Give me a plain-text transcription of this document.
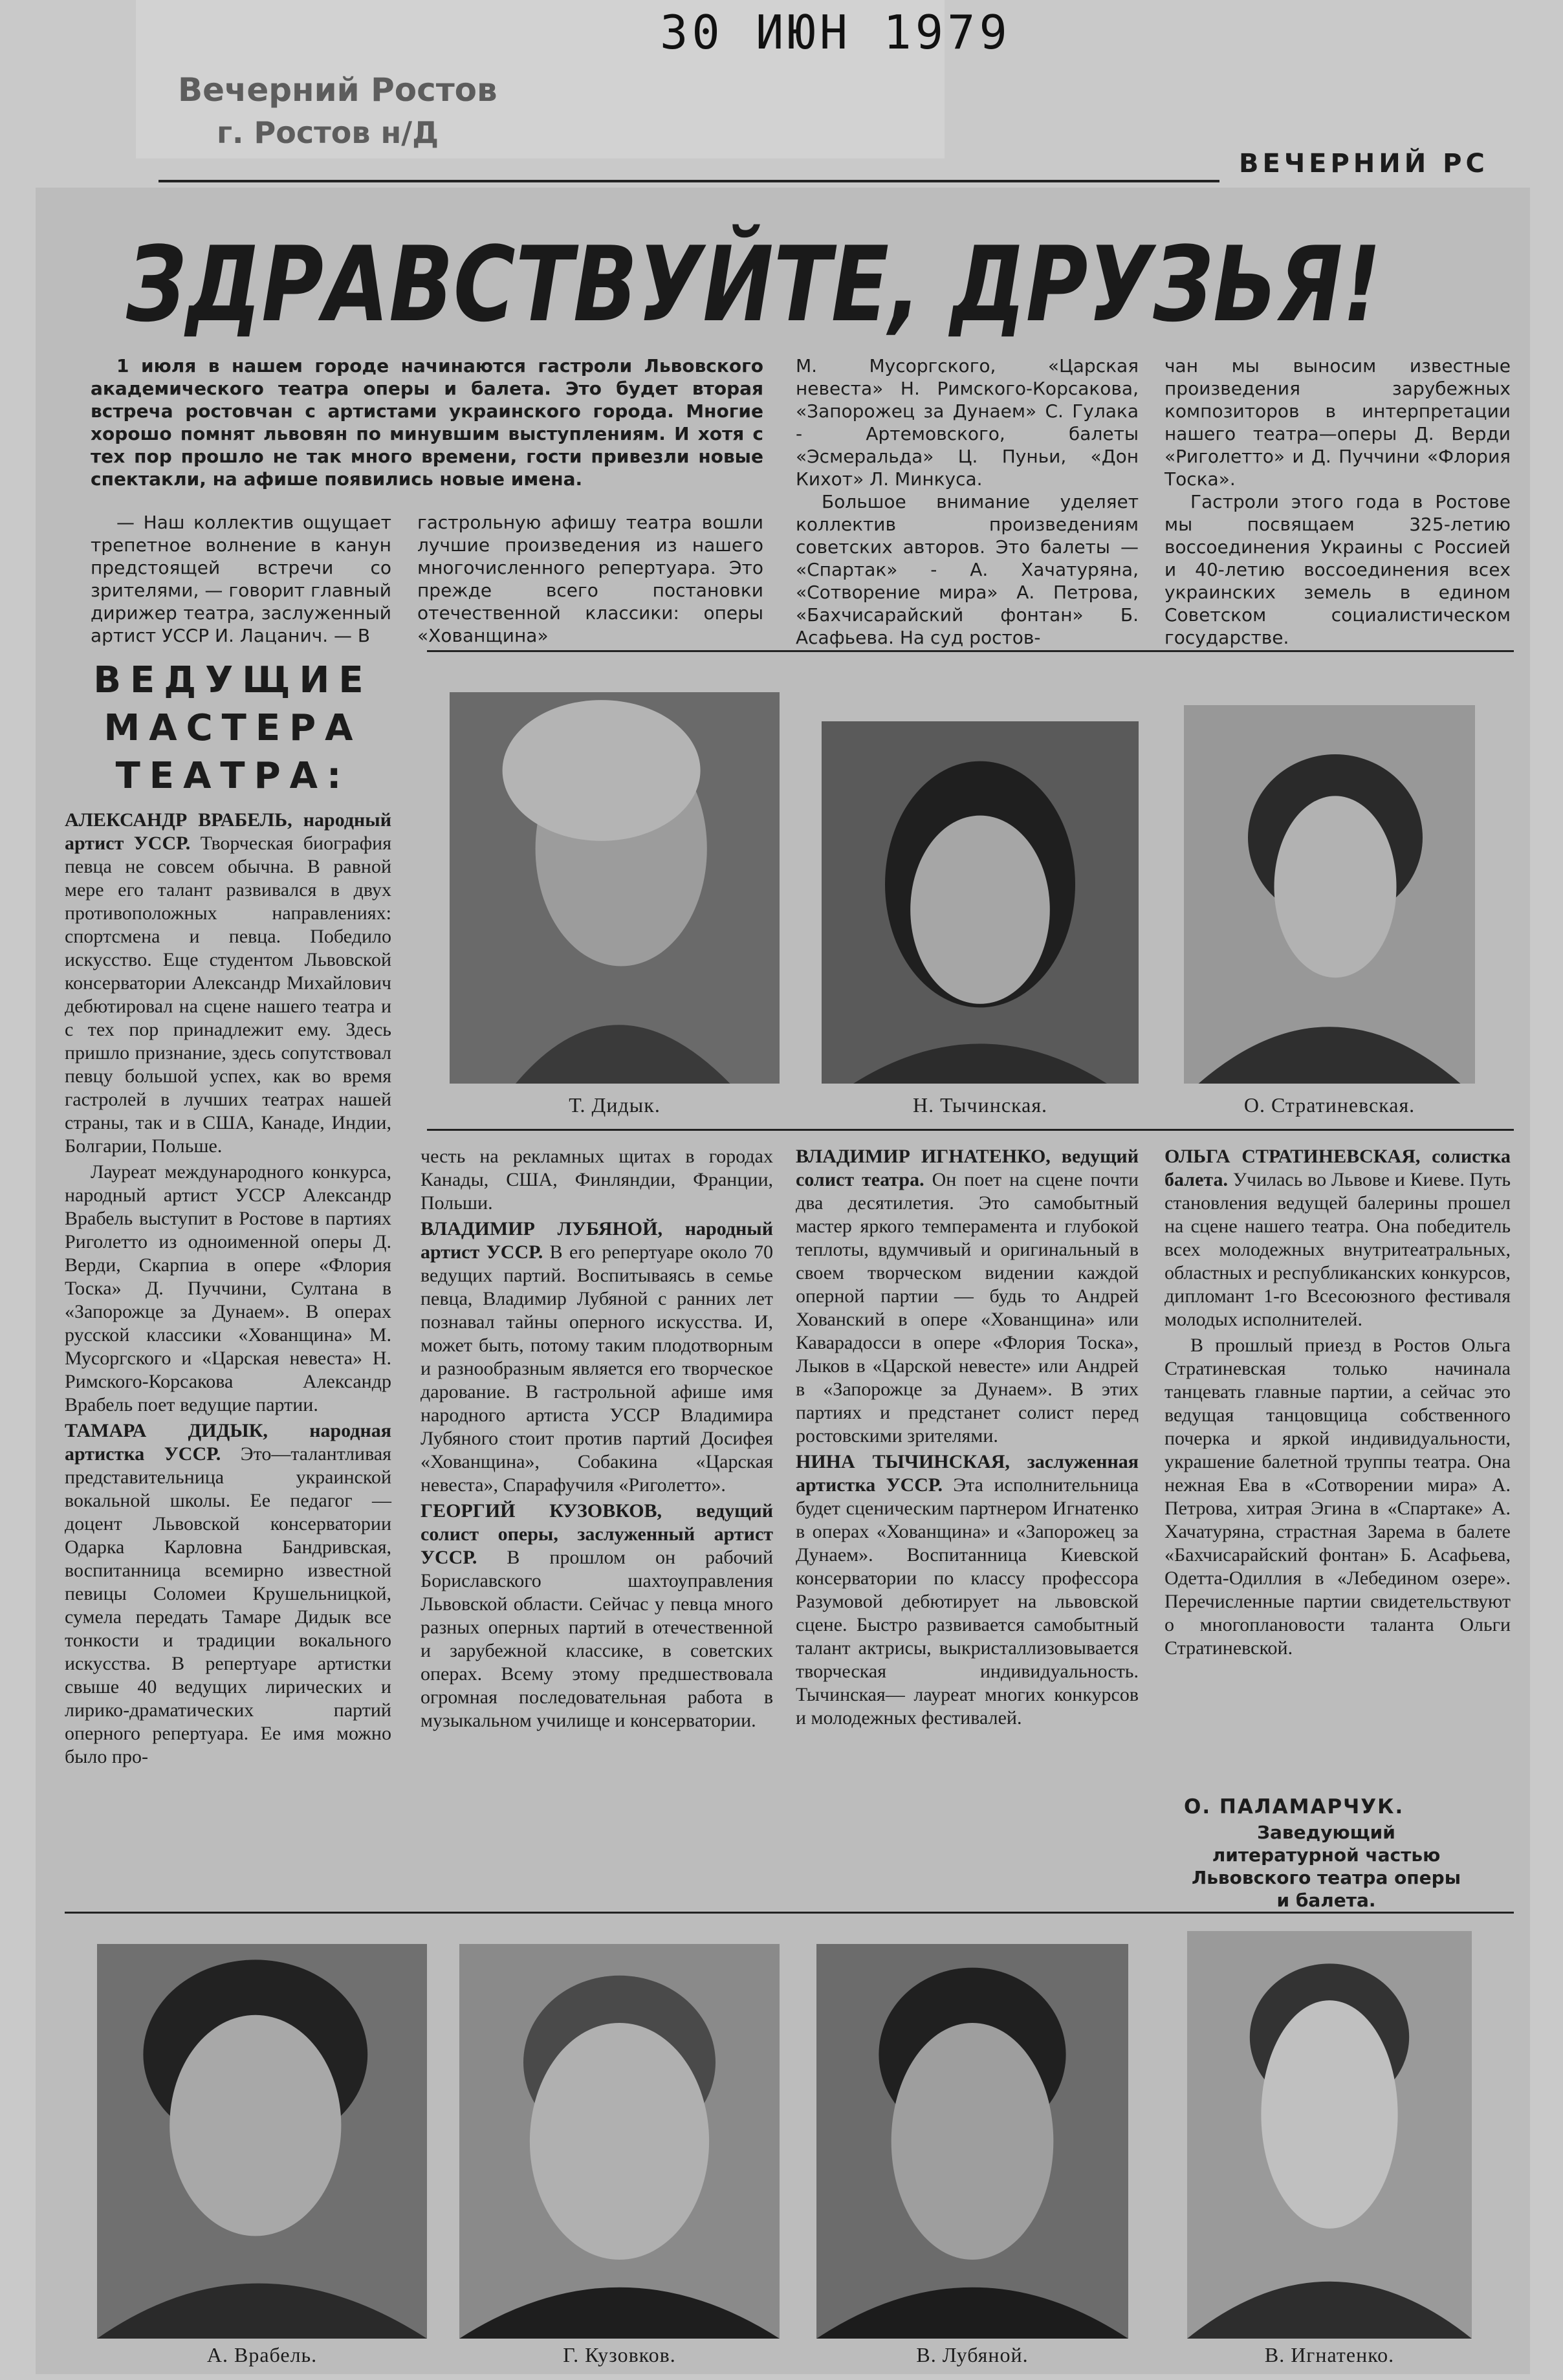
30 ИЮН 1979
Вечерний Ростов
г. Ростов н/Д
ВЕЧЕРНИЙ РС
ЗДРАВСТВУЙТЕ, ДРУЗЬЯ!
1 июля в нашем городе начинаются гастроли Львовского академического театра оперы и балета. Это будет вторая встреча ростовчан с артистами украинского города. Многие хорошо помнят львовян по минувшим выступлениям. И хотя с тех пор прошло не так много времени, гости привезли новые спектакли, на афише появились новые имена.

— Наш коллектив ощущает трепетное волнение в канун предстоящей встречи со зрителями, — говорит главный дирижер театра, заслуженный артист УССР И. Лацанич. — В

гастрольную афишу театра вошли лучшие произведения из нашего многочисленного репертуара. Это прежде всего постановки отечественной классики: оперы «Хованщина»

М. Мусоргского, «Царская невеста» Н. Римского-Корсакова, «Запорожец за Дунаем» С. Гулака - Артемовского, балеты «Эсмеральда» Ц. Пуньи, «Дон Кихот» Л. Минкуса.

Большое внимание уделяет коллектив произведениям советских авторов. Это балеты — «Спартак» - А. Хачатуряна, «Сотворение мира» А. Петрова, «Бахчисарайский фонтан» Б. Асафьева. На суд ростов-

чан мы выносим известные произведения зарубежных композиторов в интерпретации нашего театра—оперы Д. Верди «Риголетто» и Д. Пуччини «Флория Тоска».

Гастроли этого года в Ростове мы посвящаем 325-летию воссоединения Украины с Россией и 40-летию воссоединения всех украинских земель в едином Советском социалистическом государстве.

ВЕДУЩИЕ
МАСТЕРА
ТЕАТРА:
Т. Дидык.	Н. Тычинская.	О. Стратиневская.

АЛЕКСАНДР ВРАБЕЛЬ, народный артист УССР. Творческая биография певца не совсем обычна. В равной мере его талант развивался в двух противоположных направлениях: спортсмена и певца. Победило искусство. Еще студентом Львовской консерватории Александр Михайлович дебютировал на сцене нашего театра и с тех пор принадлежит ему. Здесь пришло признание, здесь сопутствовал певцу большой успех, как во время гастролей в лучших театрах нашей страны, так и в США, Канаде, Индии, Болгарии, Польше.

Лауреат международного конкурса, народный артист УССР Александр Врабель выступит в Ростове в партиях Риголетто из одноименной оперы Д. Верди, Скарпиа в опере «Флория Тоска» Д. Пуччини, Султана в «Запорожце за Дунаем». В операх русской классики «Хованщина» М. Мусоргского и «Царская невеста» Н. Римского-Корсакова Александр Врабель поет ведущие партии.

ТАМАРА ДИДЫК, народная артистка УССР. Это—талантливая представительница украинской вокальной школы. Ее педагог — доцент Львовской консерватории Одарка Карловна Бандривская, воспитанница всемирно известной певицы Соломеи Крушельницкой, сумела передать Тамаре Дидык все тонкости и традиции вокального искусства. В репертуаре артистки свыше 40 ведущих лирических и лирико-драматических партий оперного репертуара. Ее имя можно было про-

честь на рекламных щитах в городах Канады, США, Финляндии, Франции, Польши.

ВЛАДИМИР ЛУБЯНОЙ, народный артист УССР. В его репертуаре около 70 ведущих партий. Воспитываясь в семье певца, Владимир Лубяной с ранних лет познавал тайны оперного искусства. И, может быть, потому таким плодотворным и разнообразным является его творческое дарование. В гастрольной афише имя народного артиста УССР Владимира Лубяного стоит против партий Досифея «Хованщина», Собакина «Царская невеста», Спарафучиля «Риголетто».

ГЕОРГИЙ КУЗОВКОВ, ведущий солист оперы, заслуженный артист УССР. В прошлом он рабочий Бориславского шахтоуправления Львовской области. Сейчас у певца много разных оперных партий в отечественной и зарубежной классике, в советских операх. Всему этому предшествовала огромная последовательная работа в музыкальном училище и консерватории.

ВЛАДИМИР ИГНАТЕНКО, ведущий солист театра. Он поет на сцене почти два десятилетия. Это самобытный мастер яркого темперамента и глубокой теплоты, вдумчивый и оригинальный в своем творческом видении каждой оперной партии — будь то Андрей Хованский в опере «Хованщина» или Каварадосси в опере «Флория Тоска», Лыков в «Царской невесте» или Андрей в «Запорожце за Дунаем». В этих партиях и предстанет солист перед ростовскими зрителями.

НИНА ТЫЧИНСКАЯ, заслуженная артистка УССР. Эта исполнительница будет сценическим партнером Игнатенко в операх «Хованщина» и «Запорожец за Дунаем». Воспитанница Киевской консерватории по классу профессора Разумовой дебютирует на львовской сцене. Быстро развивается самобытный талант актрисы, выкристаллизовывается творческая индивидуальность. Тычинская— лауреат многих конкурсов и молодежных фестивалей.

ОЛЬГА СТРАТИНЕВСКАЯ, солистка балета. Училась во Львове и Киеве. Путь становления ведущей балерины прошел на сцене нашего театра. Она победитель всех молодежных внутритеатральных, областных и республиканских конкурсов, дипломант 1-го Всесоюзного фестиваля молодых исполнителей.

В прошлый приезд в Ростов Ольга Стратиневская только начинала танцевать главные партии, а сейчас это ведущая танцовщица собственного почерка и яркой индивидуальности, украшение балетной труппы театра. Она нежная Ева в «Сотворении мира» А. Петрова, хитрая Эгина в «Спартаке» А. Хачатуряна, страстная Зарема в балете «Бахчисарайский фонтан» Б. Асафьева, Одетта-Одиллия в «Лебедином озере». Перечисленные партии свидетельствуют о многоплановости таланта Ольги Стратиневской.

О. ПАЛАМАРЧУК.
Заведующий литературной частью Львовского театра оперы и балета.
А. Врабель.	Г. Кузовков.	В. Лубяной.	В. Игнатенко.
